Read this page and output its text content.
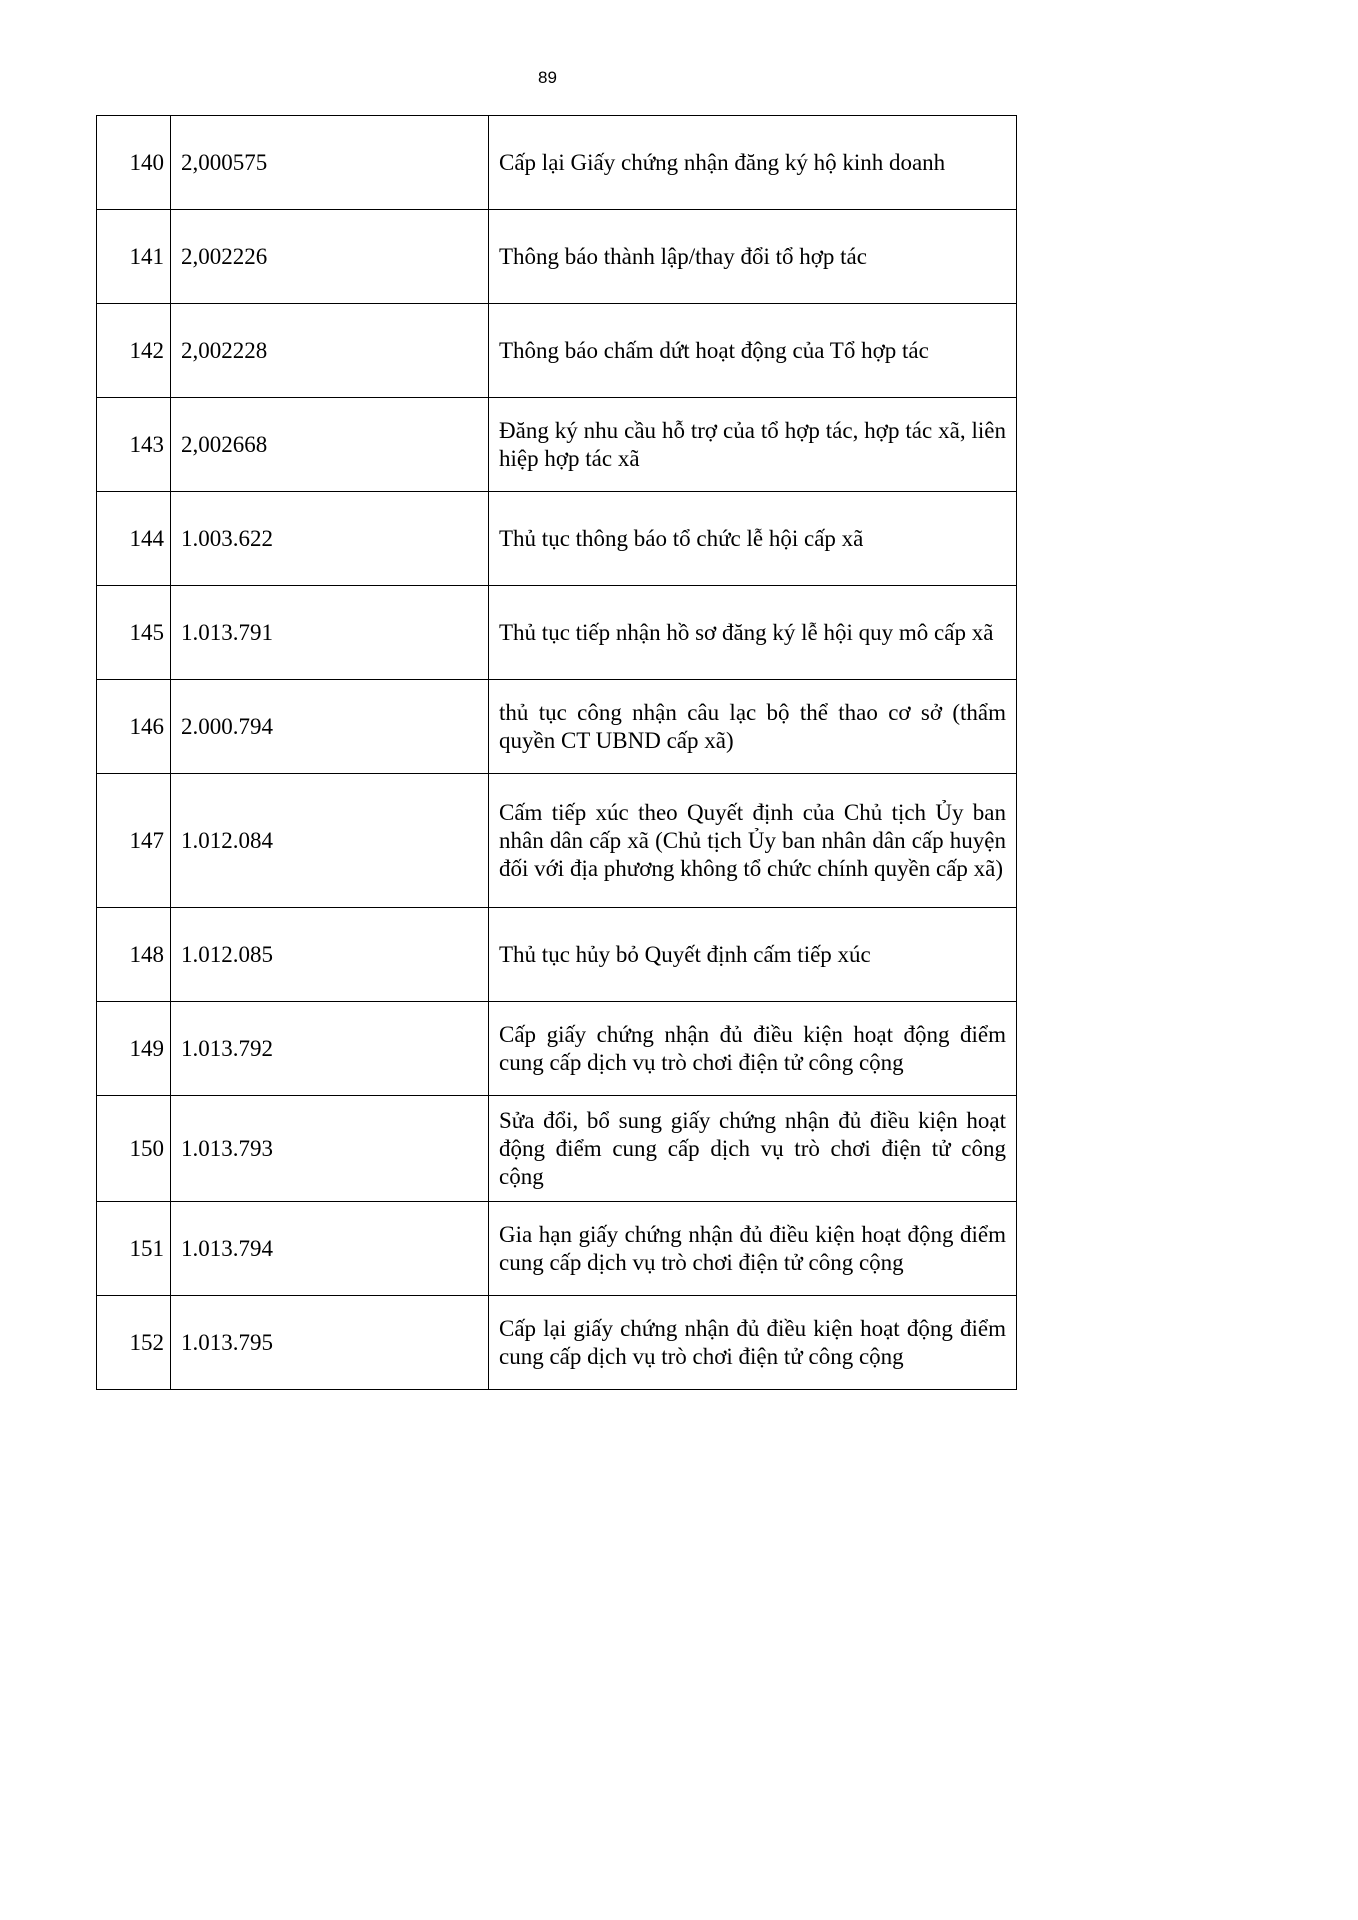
89
140	2,000575	Cấp lại Giấy chứng nhận đăng ký hộ kinh doanh
141	2,002226	Thông báo thành lập/thay đổi tổ hợp tác
142	2,002228	Thông báo chấm dứt hoạt động của Tổ hợp tác
143	2,002668	Đăng ký nhu cầu hỗ trợ của tổ hợp tác, hợp tác xã, liên hiệp hợp tác xã
144	1.003.622	Thủ tục thông báo tổ chức lễ hội cấp xã
145	1.013.791	Thủ tục tiếp nhận hồ sơ đăng ký lễ hội quy mô cấp xã
146	2.000.794	thủ tục công nhận câu lạc bộ thể thao cơ sở (thẩm quyền CT UBND cấp xã)
147	1.012.084	Cấm tiếp xúc theo Quyết định của Chủ tịch Ủy ban nhân dân cấp xã (Chủ tịch Ủy ban nhân dân cấp huyện đối với địa phương không tổ chức chính quyền cấp xã)
148	1.012.085	Thủ tục hủy bỏ Quyết định cấm tiếp xúc
149	1.013.792	Cấp giấy chứng nhận đủ điều kiện hoạt động điểm cung cấp dịch vụ trò chơi điện tử công cộng
150	1.013.793	Sửa đổi, bổ sung giấy chứng nhận đủ điều kiện hoạt động điểm cung cấp dịch vụ trò chơi điện tử công cộng
151	1.013.794	Gia hạn giấy chứng nhận đủ điều kiện hoạt động điểm cung cấp dịch vụ trò chơi điện tử công cộng
152	1.013.795	Cấp lại giấy chứng nhận đủ điều kiện hoạt động điểm cung cấp dịch vụ trò chơi điện tử công cộng
